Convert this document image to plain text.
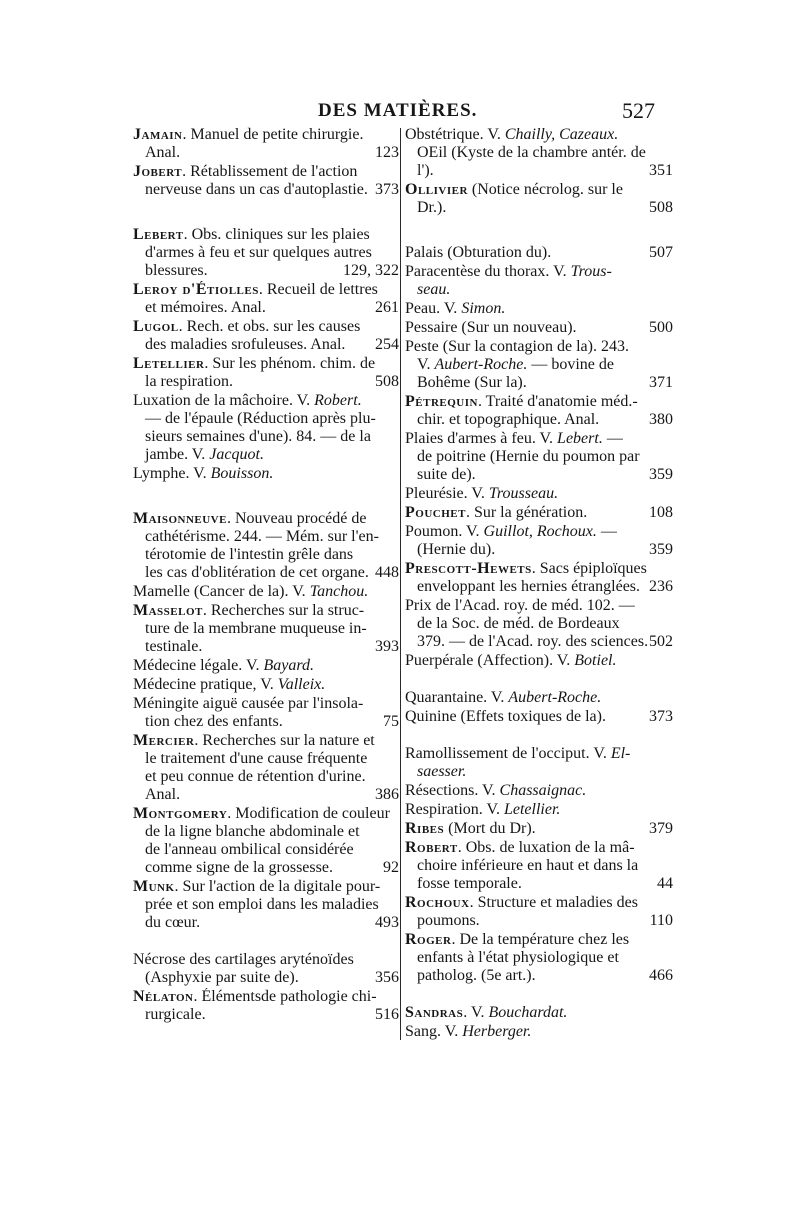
DES MATIÈRES.	527
Jamain. Manuel de petite chirurgie.
Anal.	123
Jobert. Rétablissement de l'action
nerveuse dans un cas d'autoplastie. 373
Lebert. Obs. cliniques sur les plaies
d'armes à feu et sur quelques autres
blessures.	129, 322
Leroy d'Étiolles. Recueil de lettres
et mémoires. Anal.	261
Lugol. Rech. et obs. sur les causes
des maladies srofuleuses. Anal.	254
Letellier. Sur les phénom. chim. de
la respiration.	508
Luxation de la mâchoire. V. Robert.
— de l'épaule (Réduction après plu-
sieurs semaines d'une). 84. — de la
jambe. V. Jacquot.
Lymphe. V. Bouisson.
Maisonneuve. Nouveau procédé de
cathétérisme. 244. — Mém. sur l'en-
térotomie de l'intestin grêle dans
les cas d'oblitération de cet organe. 448
Mamelle (Cancer de la). V. Tanchou.
Masselot. Recherches sur la struc-
ture de la membrane muqueuse in-
testinale.	393
Médecine légale. V. Bayard.
Médecine pratique, V. Valleix.
Méningite aiguë causée par l'insola-
tion chez des enfants.	75
Mercier. Recherches sur la nature et
le traitement d'une cause fréquente
et peu connue de rétention d'urine.
Anal.	386
Montgomery. Modification de couleur
de la ligne blanche abdominale et
de l'anneau ombilical considérée
comme signe de la grossesse.	92
Munk. Sur l'action de la digitale pour-
prée et son emploi dans les maladies
du cœur.	493
Nécrose des cartilages aryténoïdes
(Asphyxie par suite de).	356
Nélaton. Élémentsde pathologie chi-
rurgicale.	516
Obstétrique. V. Chailly, Cazeaux.
OEil (Kyste de la chambre antér. de
l').	351
Ollivier (Notice nécrolog. sur le
Dr.).	508
Palais (Obturation du).	507
Paracentèse du thorax. V. Trous-
seau.
Peau. V. Simon.
Pessaire (Sur un nouveau).	500
Peste (Sur la contagion de la). 243.
V. Aubert-Roche. — bovine de
Bohême (Sur la).	371
Pétrequin. Traité d'anatomie méd.-
chir. et topographique. Anal.	380
Plaies d'armes à feu. V. Lebert. —
de poitrine (Hernie du poumon par
suite de).	359
Pleurésie. V. Trousseau.
Pouchet. Sur la génération.	108
Poumon. V. Guillot, Rochoux. —
(Hernie du).	359
Prescott-Hewets. Sacs épiploïques
enveloppant les hernies étranglées. 236
Prix de l'Acad. roy. de méd. 102. —
de la Soc. de méd. de Bordeaux
379. — de l'Acad. roy. des sciences. 502
Puerpérale (Affection). V. Botiel.
Quarantaine. V. Aubert-Roche.
Quinine (Effets toxiques de la).	373
Ramollissement de l'occiput. V. El-
saesser.
Résections. V. Chassaignac.
Respiration. V. Letellier.
Ribes (Mort du Dr).	379
Robert. Obs. de luxation de la mâ-
choire inférieure en haut et dans la
fosse temporale.	44
Rochoux. Structure et maladies des
poumons.	110
Roger. De la température chez les
enfants à l'état physiologique et
patholog. (5e art.).	466
Sandras. V. Bouchardat.
Sang. V. Herberger.
